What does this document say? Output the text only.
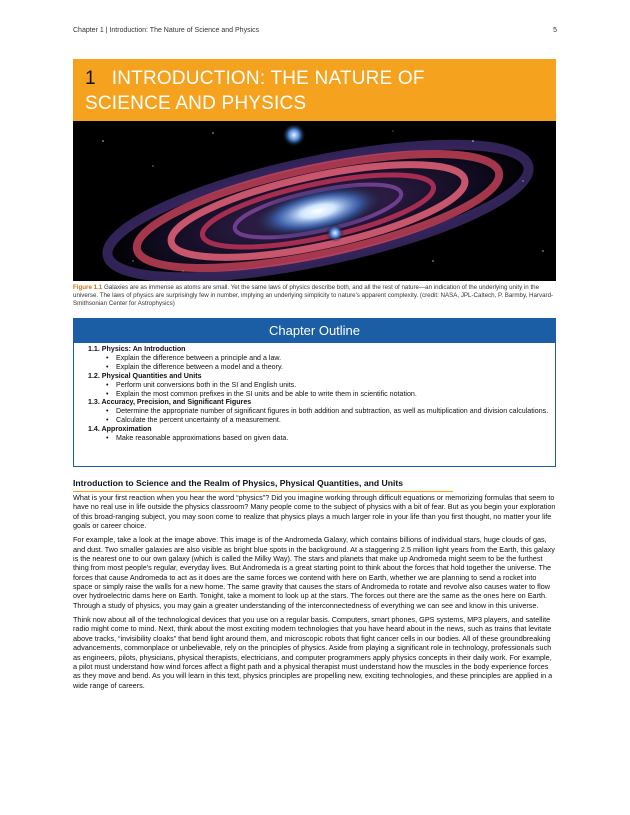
Chapter 1 | Introduction: The Nature of Science and Physics	5
1 INTRODUCTION: THE NATURE OF
SCIENCE AND PHYSICS
Figure 1.1 Galaxies are as immense as atoms are small. Yet the same laws of physics describe both, and all the rest of nature—an indication of the underlying unity in the universe. The laws of physics are surprisingly few in number, implying an underlying simplicity to nature's apparent complexity. (credit: NASA, JPL-Caltech, P. Barmby, Harvard-Smithsonian Center for Astrophysics)
Chapter Outline
1.1. Physics: An Introduction
• Explain the difference between a principle and a law.
• Explain the difference between a model and a theory.
1.2. Physical Quantities and Units
• Perform unit conversions both in the SI and English units.
• Explain the most common prefixes in the SI units and be able to write them in scientific notation.
1.3. Accuracy, Precision, and Significant Figures
• Determine the appropriate number of significant figures in both addition and subtraction, as well as multiplication and division calculations.
• Calculate the percent uncertainty of a measurement.
1.4. Approximation
• Make reasonable approximations based on given data.
Introduction to Science and the Realm of Physics, Physical Quantities, and Units

What is your first reaction when you hear the word “physics”? Did you imagine working through difficult equations or memorizing formulas that seem to have no real use in life outside the physics classroom? Many people come to the subject of physics with a bit of fear. But as you begin your exploration of this broad-ranging subject, you may soon come to realize that physics plays a much larger role in your life than you first thought, no matter your life goals or career choice.

For example, take a look at the image above. This image is of the Andromeda Galaxy, which contains billions of individual stars, huge clouds of gas, and dust. Two smaller galaxies are also visible as bright blue spots in the background. At a staggering 2.5 million light years from the Earth, this galaxy is the nearest one to our own galaxy (which is called the Milky Way). The stars and planets that make up Andromeda might seem to be the furthest thing from most people's regular, everyday lives. But Andromeda is a great starting point to think about the forces that hold together the universe. The forces that cause Andromeda to act as it does are the same forces we contend with here on Earth, whether we are planning to send a rocket into space or simply raise the walls for a new home. The same gravity that causes the stars of Andromeda to rotate and revolve also causes water to flow over hydroelectric dams here on Earth. Tonight, take a moment to look up at the stars. The forces out there are the same as the ones here on Earth. Through a study of physics, you may gain a greater understanding of the interconnectedness of everything we can see and know in this universe.

Think now about all of the technological devices that you use on a regular basis. Computers, smart phones, GPS systems, MP3 players, and satellite radio might come to mind. Next, think about the most exciting modern technologies that you have heard about in the news, such as trains that levitate above tracks, “invisibility cloaks” that bend light around them, and microscopic robots that fight cancer cells in our bodies. All of these groundbreaking advancements, commonplace or unbelievable, rely on the principles of physics. Aside from playing a significant role in technology, professionals such as engineers, pilots, physicians, physical therapists, electricians, and computer programmers apply physics concepts in their daily work. For example, a pilot must understand how wind forces affect a flight path and a physical therapist must understand how the muscles in the body experience forces as they move and bend. As you will learn in this text, physics principles are propelling new, exciting technologies, and these principles are applied in a wide range of careers.
